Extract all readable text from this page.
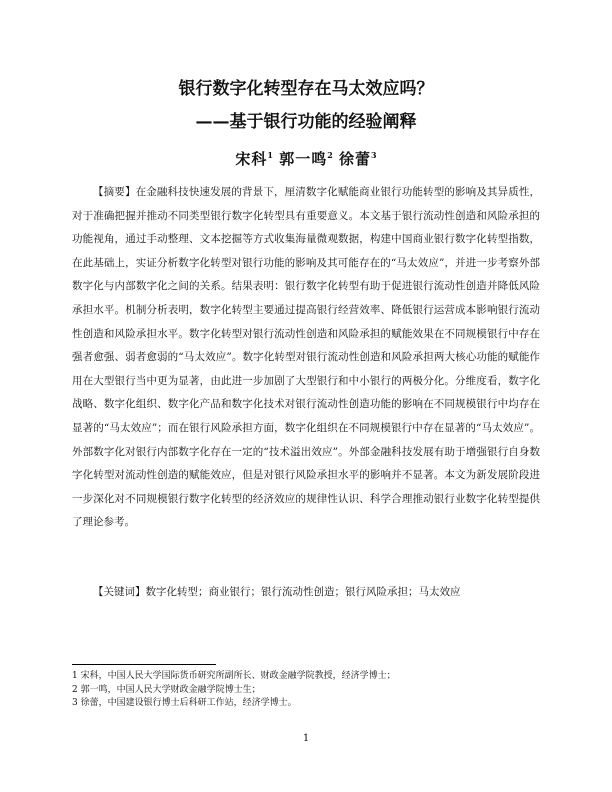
银行数字化转型存在马太效应吗？
——基于银行功能的经验阐释
宋科$^1$ 郭一鸣$^2$ 徐蕾$^3$

【摘要】在金融科技快速发展的背景下，厘清数字化赋能商业银行功能转型的影响及其异质性，对于准确把握并推动不同类型银行数字化转型具有重要意义。本文基于银行流动性创造和风险承担的功能视角，通过手动整理、文本挖掘等方式收集海量微观数据，构建中国商业银行数字化转型指数，在此基础上，实证分析数字化转型对银行功能的影响及其可能存在的“马太效应”，并进一步考察外部数字化与内部数字化之间的关系。结果表明：银行数字化转型有助于促进银行流动性创造并降低风险承担水平。机制分析表明，数字化转型主要通过提高银行经营效率、降低银行运营成本影响银行流动性创造和风险承担水平。数字化转型对银行流动性创造和风险承担的赋能效果在不同规模银行中存在强者愈强、弱者愈弱的“马太效应”。数字化转型对银行流动性创造和风险承担两大核心功能的赋能作用在大型银行当中更为显著，由此进一步加剧了大型银行和中小银行的两极分化。分维度看，数字化战略、数字化组织、数字化产品和数字化技术对银行流动性创造功能的影响在不同规模银行中均存在显著的“马太效应”；而在银行风险承担方面，数字化组织在不同规模银行中存在显著的“马太效应”。外部数字化对银行内部数字化存在一定的“技术溢出效应”。外部金融科技发展有助于增强银行自身数字化转型对流动性创造的赋能效应，但是对银行风险承担水平的影响并不显著。本文为新发展阶段进一步深化对不同规模银行数字化转型的经济效应的规律性认识、科学合理推动银行业数字化转型提供了理论参考。

【关键词】数字化转型；商业银行；银行流动性创造；银行风险承担；马太效应

1 宋科，中国人民大学国际货币研究所副所长、财政金融学院教授，经济学博士；
2 郭一鸣，中国人民大学财政金融学院博士生；
3 徐蕾，中国建设银行博士后科研工作站，经济学博士。
1
